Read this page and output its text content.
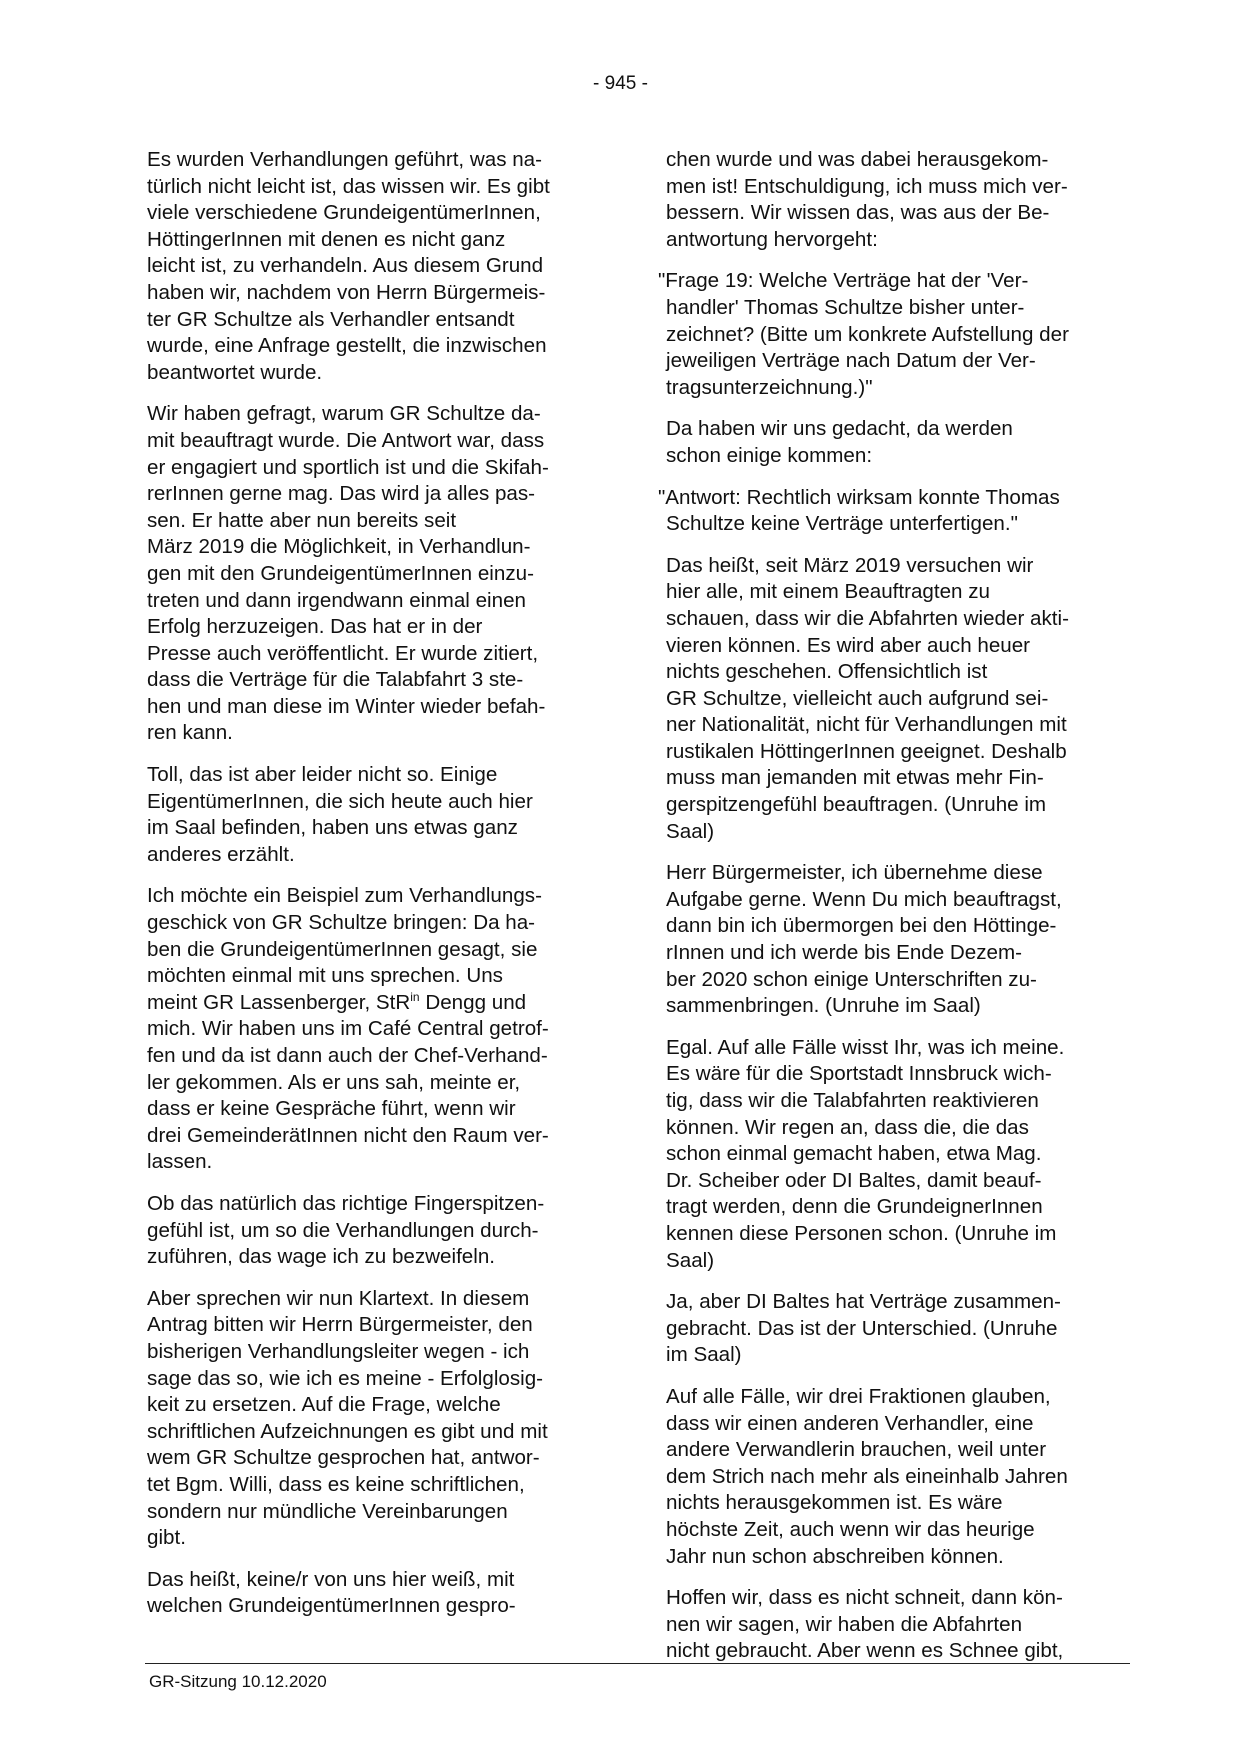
- 945 -

Es wurden Verhandlungen geführt, was na-
türlich nicht leicht ist, das wissen wir. Es gibt
viele verschiedene GrundeigentümerInnen,
HöttingerInnen mit denen es nicht ganz
leicht ist, zu verhandeln. Aus diesem Grund
haben wir, nachdem von Herrn Bürgermeis-
ter GR Schultze als Verhandler entsandt
wurde, eine Anfrage gestellt, die inzwischen
beantwortet wurde.

Wir haben gefragt, warum GR Schultze da-
mit beauftragt wurde. Die Antwort war, dass
er engagiert und sportlich ist und die Skifah-
rerInnen gerne mag. Das wird ja alles pas-
sen. Er hatte aber nun bereits seit
März 2019 die Möglichkeit, in Verhandlun-
gen mit den GrundeigentümerInnen einzu-
treten und dann irgendwann einmal einen
Erfolg herzuzeigen. Das hat er in der
Presse auch veröffentlicht. Er wurde zitiert,
dass die Verträge für die Talabfahrt 3 ste-
hen und man diese im Winter wieder befah-
ren kann.

Toll, das ist aber leider nicht so. Einige
EigentümerInnen, die sich heute auch hier
im Saal befinden, haben uns etwas ganz
anderes erzählt.

Ich möchte ein Beispiel zum Verhandlungs-
geschick von GR Schultze bringen: Da ha-
ben die GrundeigentümerInnen gesagt, sie
möchten einmal mit uns sprechen. Uns
meint GR Lassenberger, StR$^{in}$ Dengg und
mich. Wir haben uns im Café Central getrof-
fen und da ist dann auch der Chef-Verhand-
ler gekommen. Als er uns sah, meinte er,
dass er keine Gespräche führt, wenn wir
drei GemeinderätInnen nicht den Raum ver-
lassen.

Ob das natürlich das richtige Fingerspitzen-
gefühl ist, um so die Verhandlungen durch-
zuführen, das wage ich zu bezweifeln.

Aber sprechen wir nun Klartext. In diesem
Antrag bitten wir Herrn Bürgermeister, den
bisherigen Verhandlungsleiter wegen - ich
sage das so, wie ich es meine - Erfolglosig-
keit zu ersetzen. Auf die Frage, welche
schriftlichen Aufzeichnungen es gibt und mit
wem GR Schultze gesprochen hat, antwor-
tet Bgm. Willi, dass es keine schriftlichen,
sondern nur mündliche Vereinbarungen
gibt.

Das heißt, keine/r von uns hier weiß, mit
welchen GrundeigentümerInnen gespro-

chen wurde und was dabei herausgekom-
men ist! Entschuldigung, ich muss mich ver-
bessern. Wir wissen das, was aus der Be-
antwortung hervorgeht:

"Frage 19: Welche Verträge hat der 'Ver-
handler' Thomas Schultze bisher unter-
zeichnet? (Bitte um konkrete Aufstellung der
jeweiligen Verträge nach Datum der Ver-
tragsunterzeichnung.)"

Da haben wir uns gedacht, da werden
schon einige kommen:

"Antwort: Rechtlich wirksam konnte Thomas
Schultze keine Verträge unterfertigen."

Das heißt, seit März 2019 versuchen wir
hier alle, mit einem Beauftragten zu
schauen, dass wir die Abfahrten wieder akti-
vieren können. Es wird aber auch heuer
nichts geschehen. Offensichtlich ist
GR Schultze, vielleicht auch aufgrund sei-
ner Nationalität, nicht für Verhandlungen mit
rustikalen HöttingerInnen geeignet. Deshalb
muss man jemanden mit etwas mehr Fin-
gerspitzengefühl beauftragen. (Unruhe im
Saal)

Herr Bürgermeister, ich übernehme diese
Aufgabe gerne. Wenn Du mich beauftragst,
dann bin ich übermorgen bei den Höttinge-
rInnen und ich werde bis Ende Dezem-
ber 2020 schon einige Unterschriften zu-
sammenbringen. (Unruhe im Saal)

Egal. Auf alle Fälle wisst Ihr, was ich meine.
Es wäre für die Sportstadt Innsbruck wich-
tig, dass wir die Talabfahrten reaktivieren
können. Wir regen an, dass die, die das
schon einmal gemacht haben, etwa Mag.
Dr. Scheiber oder DI Baltes, damit beauf-
tragt werden, denn die GrundeignerInnen
kennen diese Personen schon. (Unruhe im
Saal)

Ja, aber DI Baltes hat Verträge zusammen-
gebracht. Das ist der Unterschied. (Unruhe
im Saal)

Auf alle Fälle, wir drei Fraktionen glauben,
dass wir einen anderen Verhandler, eine
andere Verwandlerin brauchen, weil unter
dem Strich nach mehr als eineinhalb Jahren
nichts herausgekommen ist. Es wäre
höchste Zeit, auch wenn wir das heurige
Jahr nun schon abschreiben können.

Hoffen wir, dass es nicht schneit, dann kön-
nen wir sagen, wir haben die Abfahrten
nicht gebraucht. Aber wenn es Schnee gibt,

GR-Sitzung 10.12.2020
